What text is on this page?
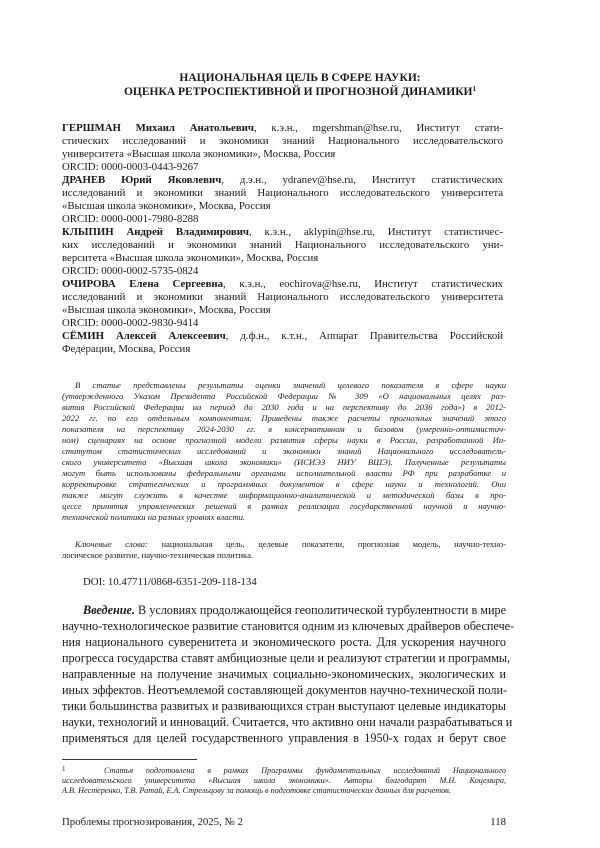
НАЦИОНАЛЬНАЯ ЦЕЛЬ В СФЕРЕ НАУКИ:
ОЦЕНКА РЕТРОСПЕКТИВНОЙ И ПРОГНОЗНОЙ ДИНАМИКИ$^1$
ГЕРШМАН Михаил Анатольевич, к.э.н., mgershman@hse.ru, Институт стати-
стических исследований и экономики знаний Национального исследовательского
университета «Высшая школа экономики», Москва, Россия
ORCID: 0000-0003-0443-9267
ДРАНЕВ Юрий Яковлевич, д.э.н., ydranev@hse.ru, Институт статистических
исследований и экономики знаний Национального исследовательского университета
«Высшая школа экономики», Москва, Россия
ORCID: 0000-0001-7980-8288
КЛЫПИН Андрей Владимирович, к.э.н., aklypin@hse.ru, Институт статистичес-
ких исследований и экономики знаний Национального исследовательского уни-
верситета «Высшая школа экономики», Москва, Россия
ORCID: 0000-0002-5735-0824
ОЧИРОВА Елена Сергеевна, к.э.н., eochirova@hse.ru, Институт статистических
исследований и экономики знаний Национального исследовательского университета
«Высшая школа экономики», Москва, Россия
ORCID: 0000-0002-9830-9414
СЁМИН Алексей Алексеевич, д.ф.н., к.т.н., Аппарат Правительства Российской
Федерации, Москва, Россия
В статье представлены результаты оценки значений целевого показателя в сфере науки
(утвержденного Указом Президента Российской Федерации № 309 «О национальных целях раз-
вития Российской Федерации на период до 2030 года и на перспективу до 2036 года») в 2012-
2022 гг. по его отдельным компонентам. Приведены также расчеты прогнозных значений этого
показателя на перспективу 2024-2030 гг. в консервативном и базовом (умеренно-оптимистич-
ном) сценариях на основе прогнозной модели развития сферы науки в России, разработанной Ин-
ститутом статистических исследований и экономики знаний Национального исследователь-
ского университета «Высшая школа экономики» (ИСИЭЗ НИУ ВШЭ). Полученные результаты
могут быть использованы федеральными органами исполнительной власти РФ при разработке и
корректировке стратегических и программных документов в сфере науки и технологий. Они
также могут служить в качестве информационно-аналитической и методической базы в про-
цессе принятия управленческих решений в рамках реализации государственной научной и научно-
технической политики на разных уровнях власти.
Ключевые слова: национальная цель, целевые показатели, прогнозная модель, научно-техно-
логическое развитие, научно-техническая политика.
DOI: 10.47711/0868-6351-209-118-134
Введение. В условиях продолжающейся геополитической турбулентности в мире
научно-технологическое развитие становится одним из ключевых драйверов обеспече-
ния национального суверенитета и экономического роста. Для ускорения научного
прогресса государства ставят амбициозные цели и реализуют стратегии и программы,
направленные на получение значимых социально-экономических, экологических и
иных эффектов. Неотъемлемой составляющей документов научно-технической поли-
тики большинства развитых и развивающихся стран выступают целевые индикаторы
науки, технологий и инноваций. Считается, что активно они начали разрабатываться и
применяться для целей государственного управления в 1950-х годах и берут свое
$^1$	Статья подготовлена в рамках Программы фундаментальных исследований Национального
исследовательского университета «Высшая школа экономики». Авторы благодарят М.Н. Коцемира,
А.В. Нестеренко, Т.В. Ратай, Е.А. Стрельцову за помощь в подготовке статистических данных для расчетов.
Проблемы прогнозирования, 2025, № 2	118
